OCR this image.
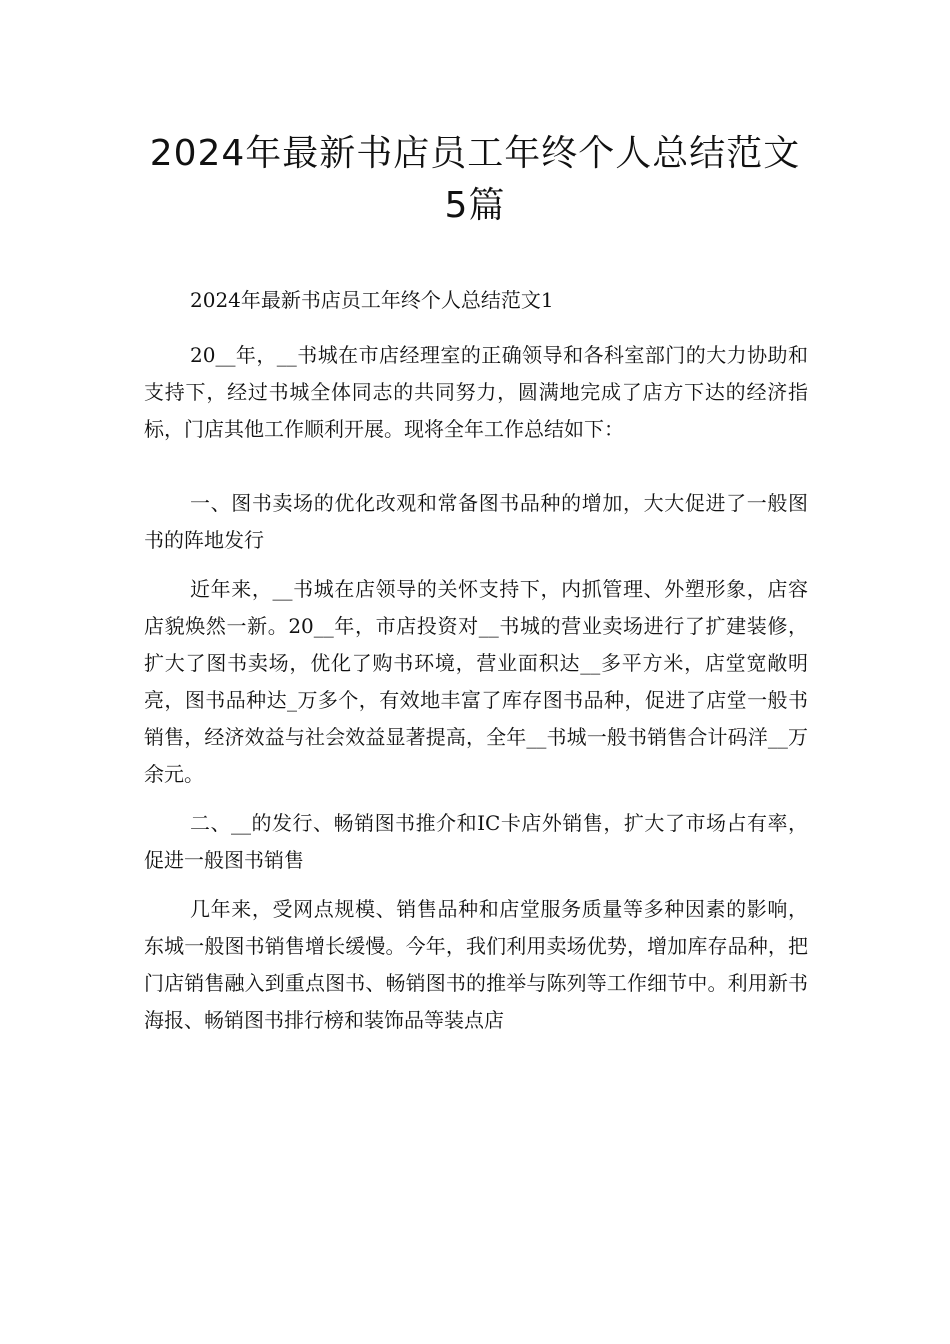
2024年最新书店员工年终个人总结范文
5篇

2024年最新书店员工年终个人总结范文1

20__年，__书城在市店经理室的正确领导和各科室部门的大力协助和支持下，经过书城全体同志的共同努力，圆满地完成了店方下达的经济指标，门店其他工作顺利开展。现将全年工作总结如下：

一、图书卖场的优化改观和常备图书品种的增加，大大促进了一般图书的阵地发行

近年来，__书城在店领导的关怀支持下，内抓管理、外塑形象，店容店貌焕然一新。20__年，市店投资对__书城的营业卖场进行了扩建装修，扩大了图书卖场，优化了购书环境，营业面积达__多平方米，店堂宽敞明亮，图书品种达_万多个，有效地丰富了库存图书品种，促进了店堂一般书销售，经济效益与社会效益显著提高，全年__书城一般书销售合计码洋__万余元。

二、__的发行、畅销图书推介和IC卡店外销售，扩大了市场占有率，促进一般图书销售

几年来，受网点规模、销售品种和店堂服务质量等多种因素的影响，东城一般图书销售增长缓慢。今年，我们利用卖场优势，增加库存品种，把门店销售融入到重点图书、畅销图书的推举与陈列等工作细节中。利用新书海报、畅销图书排行榜和装饰品等装点店
